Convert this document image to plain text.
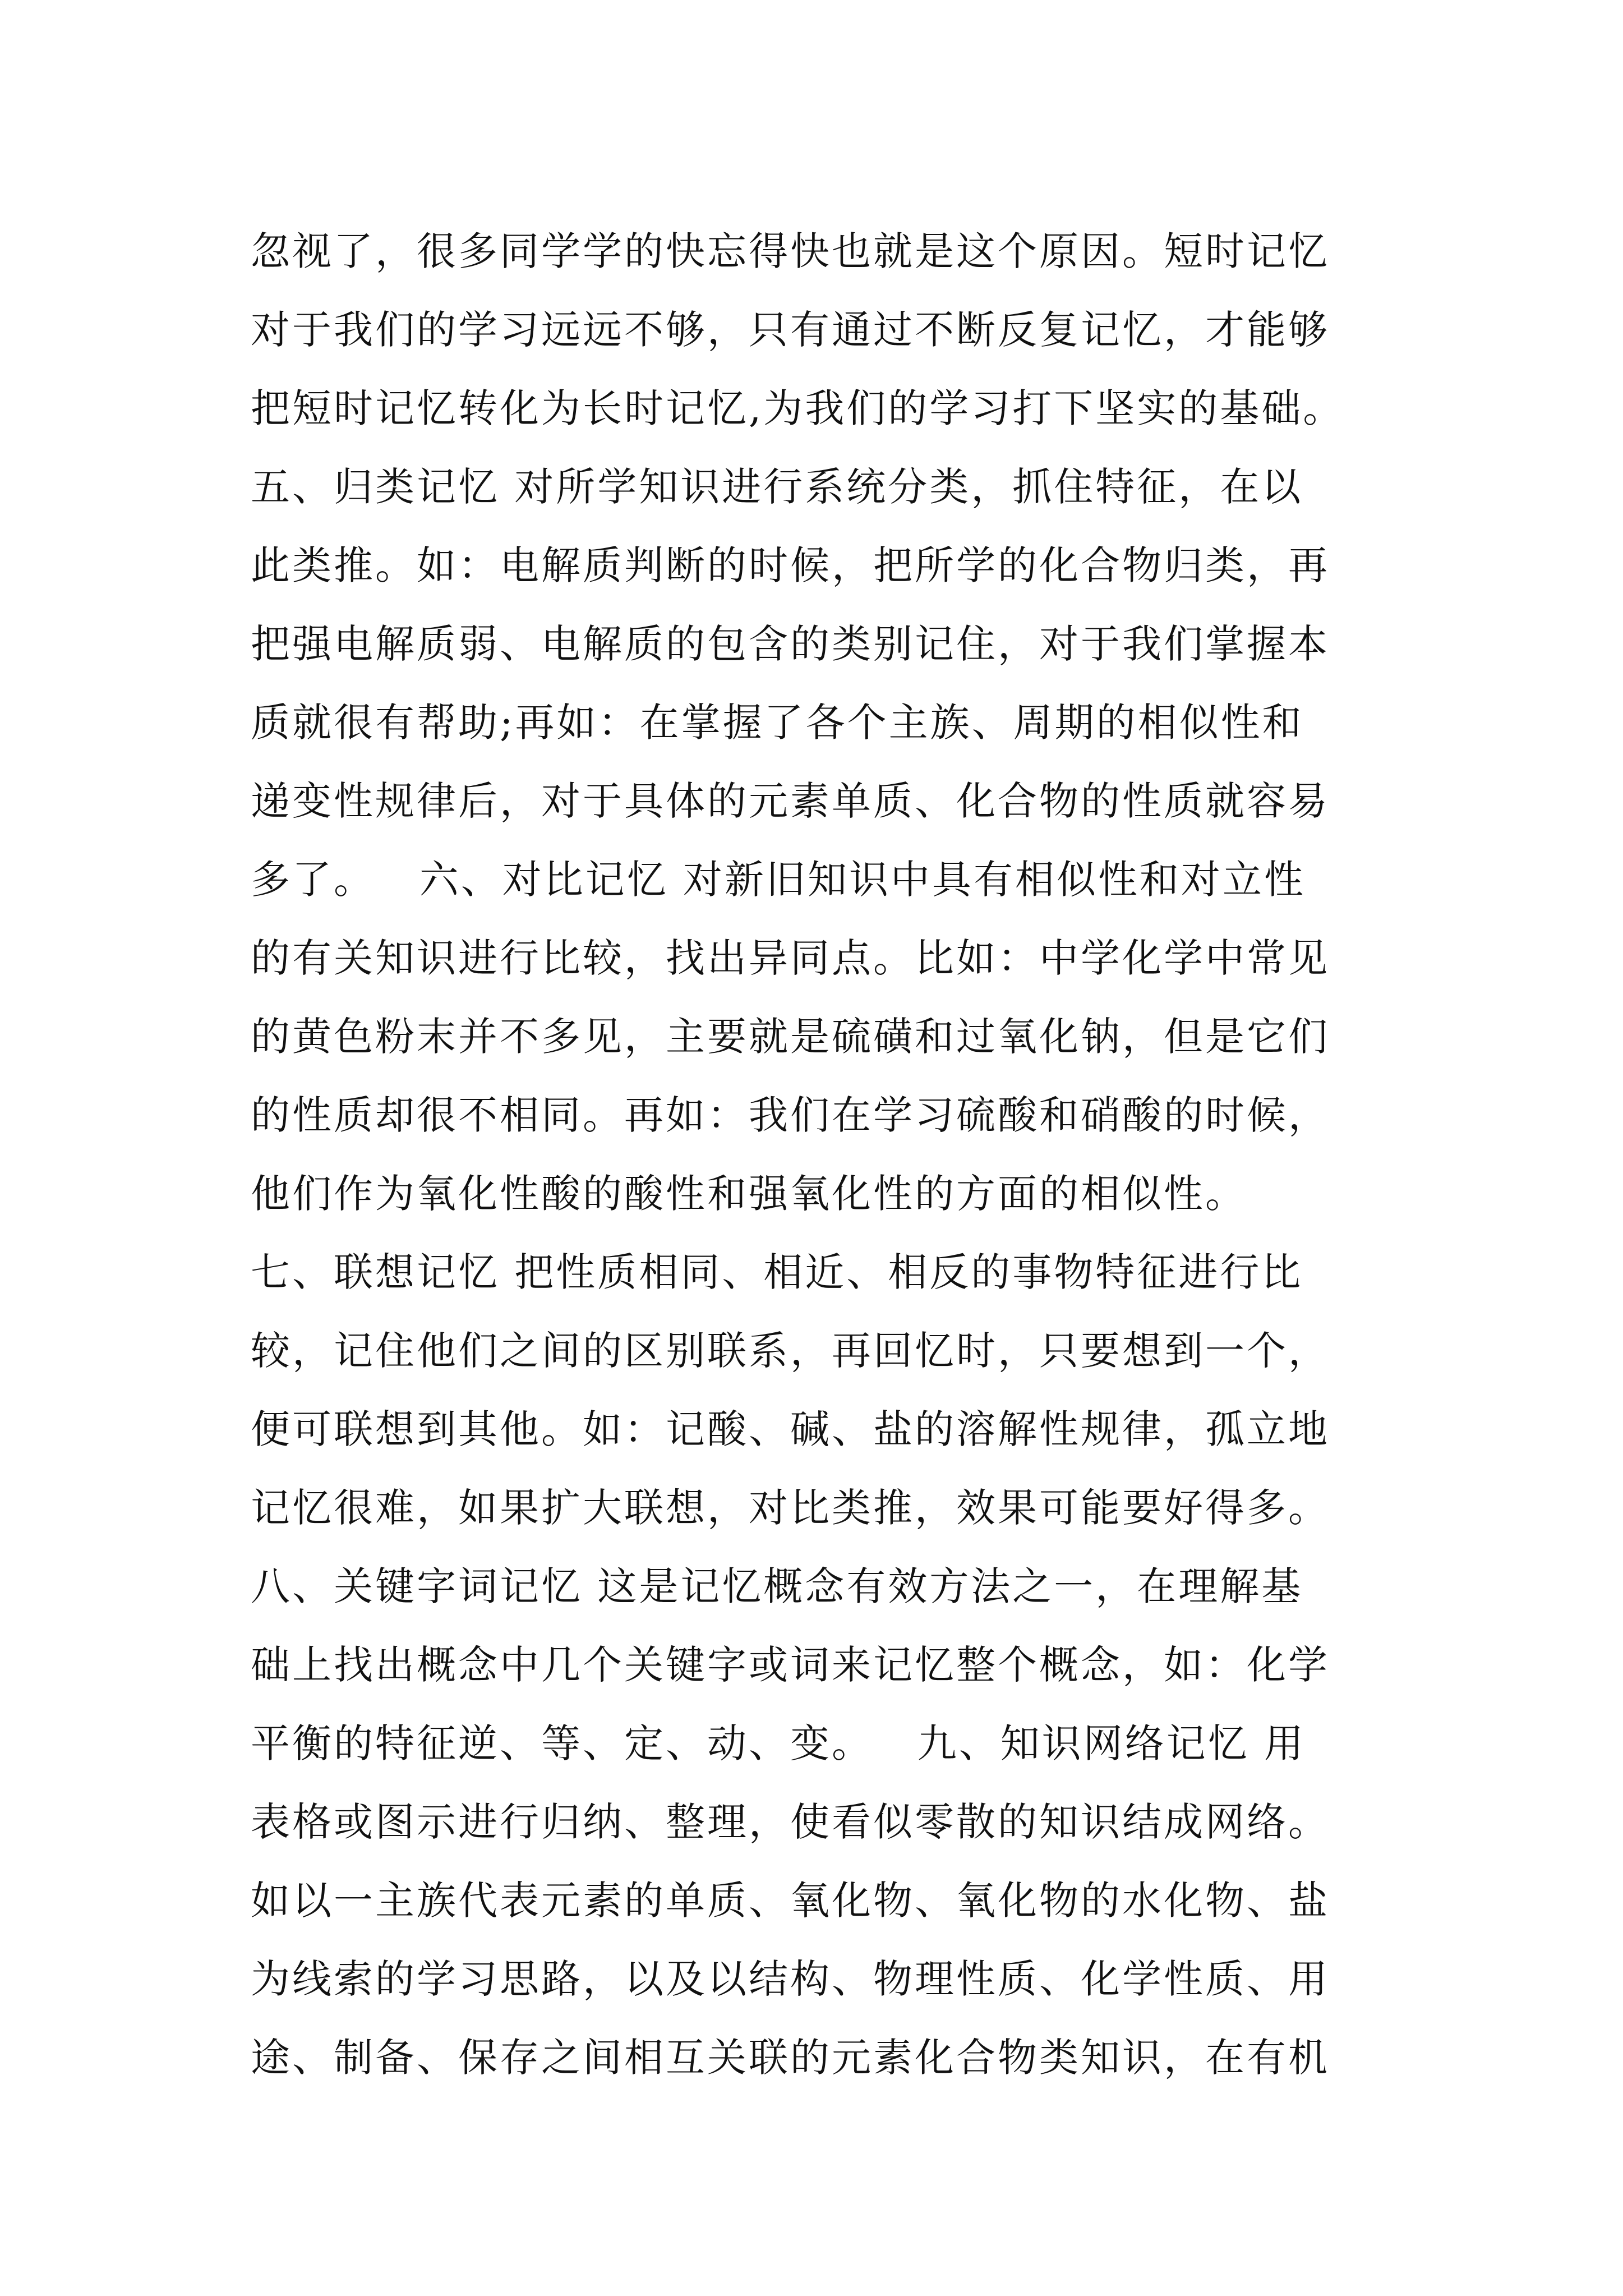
忽视了，很多同学学的快忘得快也就是这个原因。短时记忆
对于我们的学习远远不够，只有通过不断反复记忆，才能够
把短时记忆转化为长时记忆,为我们的学习打下坚实的基础。
五、归类记忆 对所学知识进行系统分类，抓住特征，在以
此类推。如：电解质判断的时候，把所学的化合物归类，再
把强电解质弱、电解质的包含的类别记住，对于我们掌握本
质就很有帮助;再如：在掌握了各个主族、周期的相似性和
递变性规律后，对于具体的元素单质、化合物的性质就容易
多了。   六、对比记忆 对新旧知识中具有相似性和对立性
的有关知识进行比较，找出异同点。比如：中学化学中常见
的黄色粉末并不多见，主要就是硫磺和过氧化钠，但是它们
的性质却很不相同。再如：我们在学习硫酸和硝酸的时候，
他们作为氧化性酸的酸性和强氧化性的方面的相似性。
七、联想记忆 把性质相同、相近、相反的事物特征进行比
较，记住他们之间的区别联系，再回忆时，只要想到一个，
便可联想到其他。如：记酸、碱、盐的溶解性规律，孤立地
记忆很难，如果扩大联想，对比类推，效果可能要好得多。
八、关键字词记忆 这是记忆概念有效方法之一，在理解基
础上找出概念中几个关键字或词来记忆整个概念，如：化学
平衡的特征逆、等、定、动、变。   九、知识网络记忆 用
表格或图示进行归纳、整理，使看似零散的知识结成网络。
如以一主族代表元素的单质、氧化物、氧化物的水化物、盐
为线索的学习思路，以及以结构、物理性质、化学性质、用
途、制备、保存之间相互关联的元素化合物类知识，在有机
